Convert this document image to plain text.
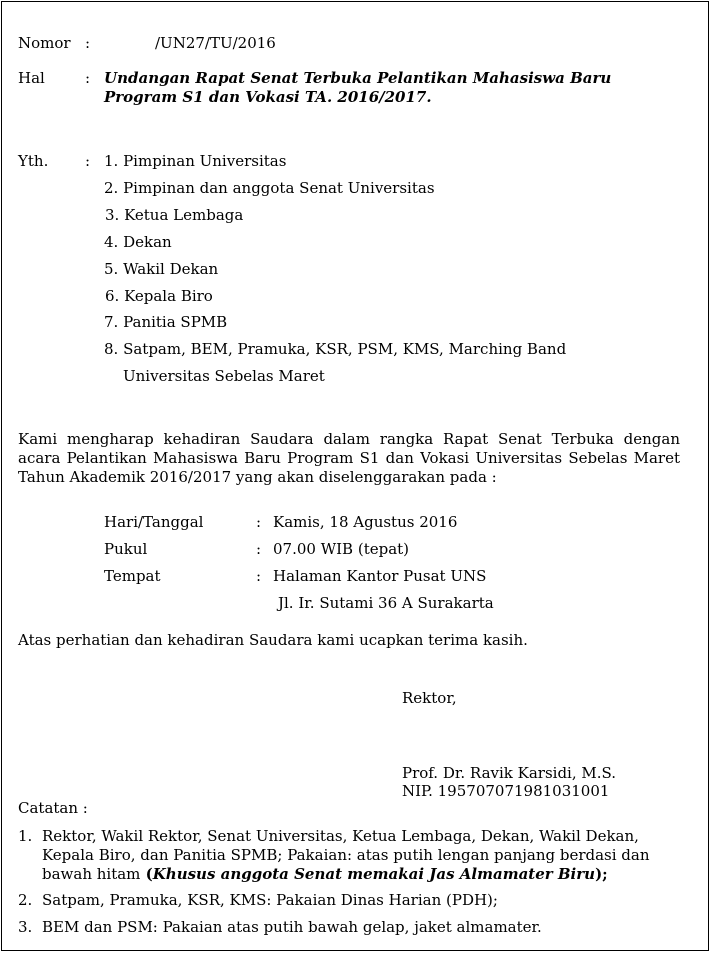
Nomor :	/UN27/TU/2016
Hal	: Undangan Rapat Senat Terbuka Pelantikan Mahasiswa Baru
Program S1 dan Vokasi TA. 2016/2017.
Yth. : 1. Pimpinan Universitas
2. Pimpinan dan anggota Senat Universitas
3. Ketua Lembaga
4. Dekan
5. Wakil Dekan
6. Kepala Biro
7. Panitia SPMB
8. Satpam, BEM, Pramuka, KSR, PSM, KMS, Marching Band
Universitas Sebelas Maret
Kami mengharap kehadiran Saudara dalam rangka Rapat Senat Terbuka dengan acara Pelantikan Mahasiswa Baru Program S1 dan Vokasi Universitas Sebelas Maret Tahun Akademik 2016/2017 yang akan diselenggarakan pada :
Hari/Tanggal	: Kamis, 18 Agustus 2016
Pukul	: 07.00 WIB (tepat)
Tempat	: Halaman Kantor Pusat UNS
Jl. Ir. Sutami 36 A Surakarta
Atas perhatian dan kehadiran Saudara kami ucapkan terima kasih.
Rektor,
Prof. Dr. Ravik Karsidi, M.S.
NIP. 195707071981031001
Catatan :
1. Rektor, Wakil Rektor, Senat Universitas, Ketua Lembaga, Dekan, Wakil Dekan, Kepala Biro, dan Panitia SPMB; Pakaian: atas putih lengan panjang berdasi dan bawah hitam (Khusus anggota Senat memakai Jas Almamater Biru);
2. Satpam, Pramuka, KSR, KMS: Pakaian Dinas Harian (PDH);
3. BEM dan PSM: Pakaian atas putih bawah gelap, jaket almamater.
